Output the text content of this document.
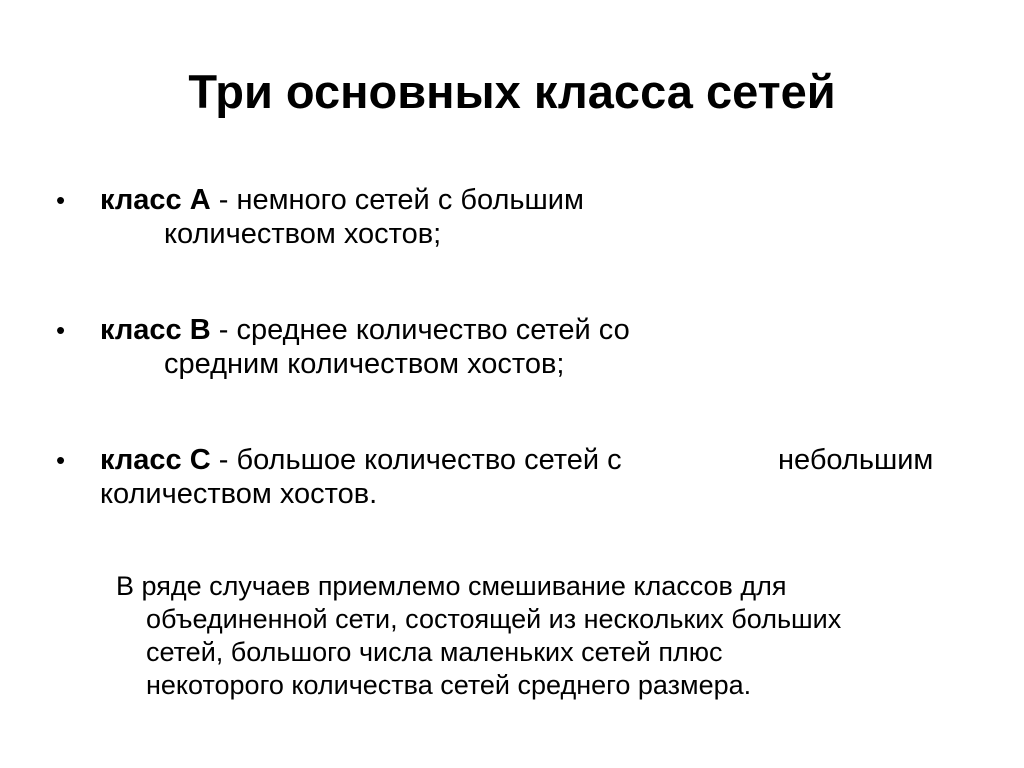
Три основных класса сетей
• класс А - немного сетей с большим
количеством хостов;
• класс В - среднее количество сетей со
средним количеством хостов;
• класс С - большое количество сетей с	небольшим
количеством хостов.
В ряде случаев приемлемо смешивание классов для
объединенной сети, состоящей из нескольких больших
сетей, большого числа маленьких сетей плюс
некоторого количества сетей среднего размера.
